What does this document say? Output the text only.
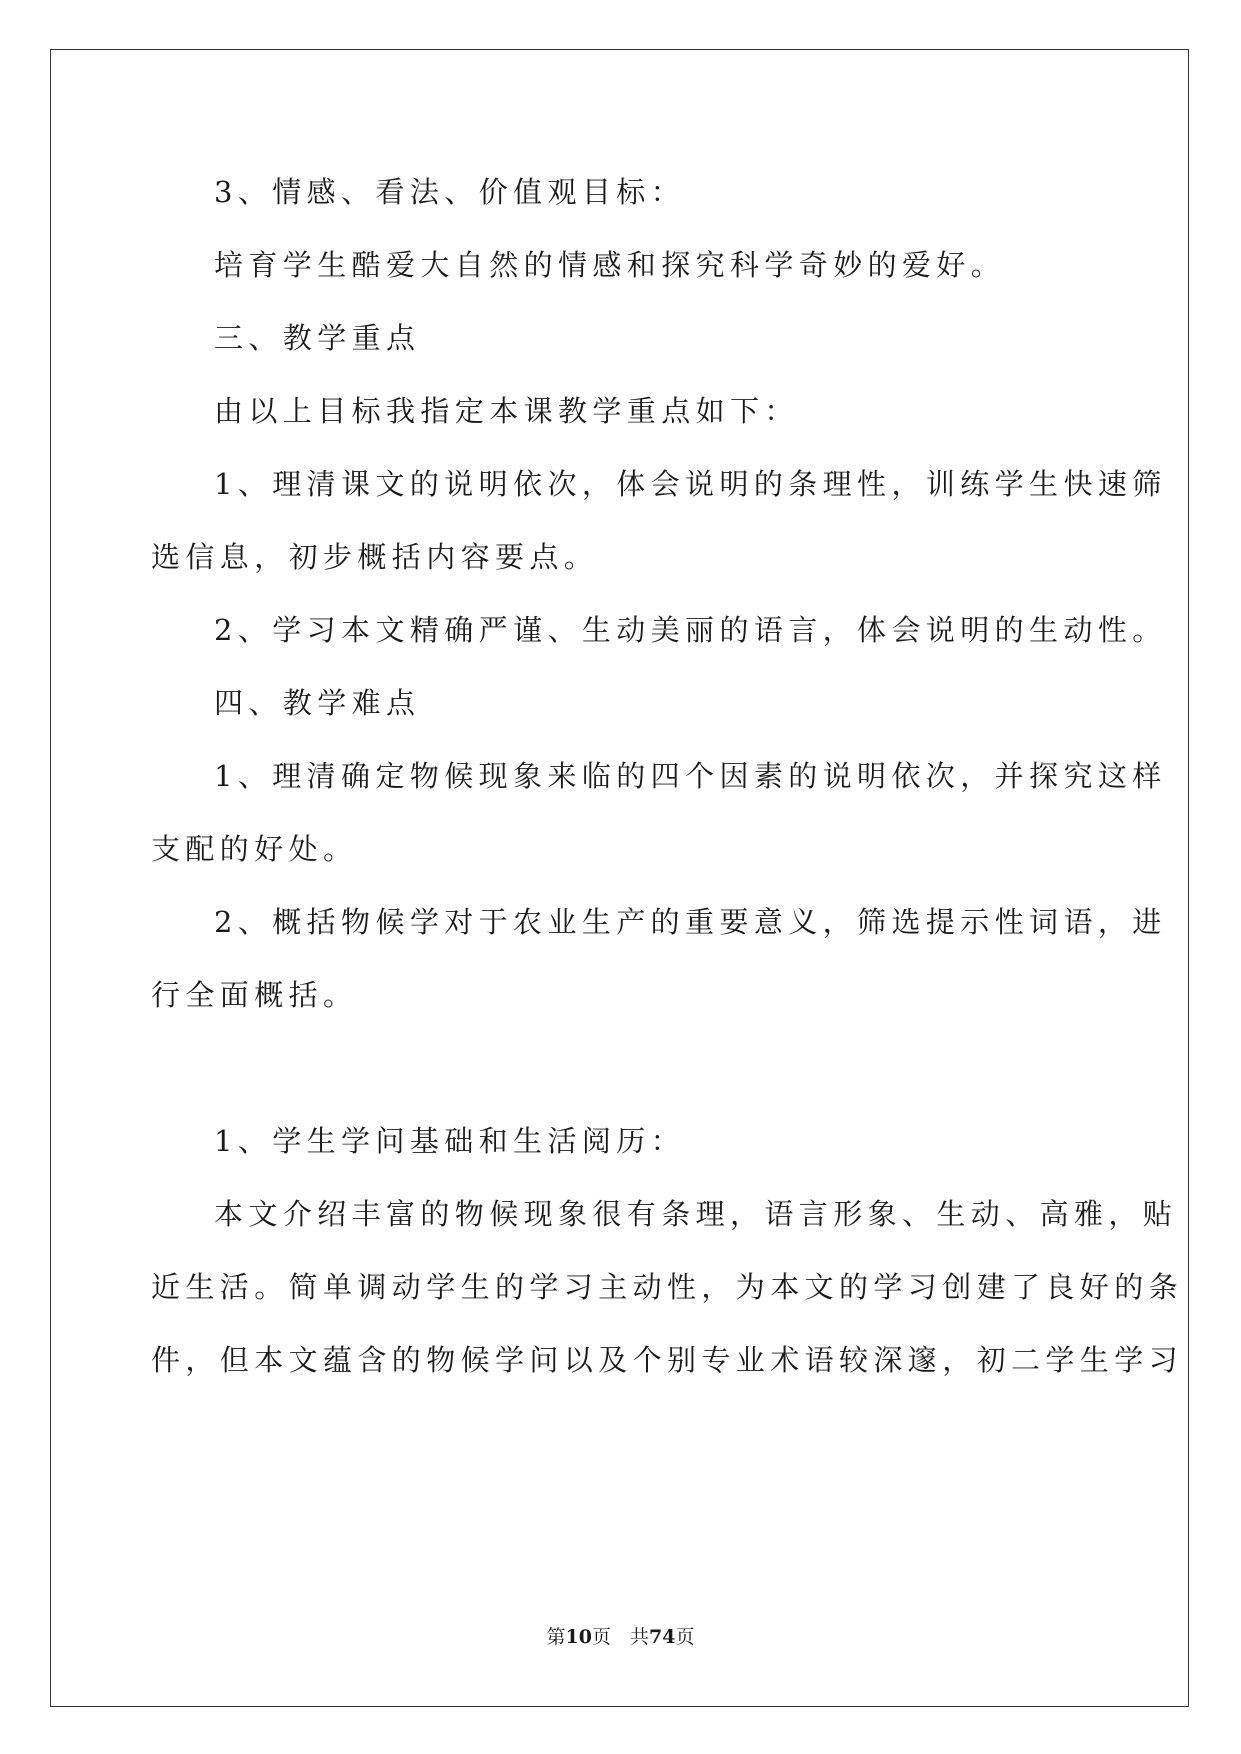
3、情感、看法、价值观目标：
培育学生酷爱大自然的情感和探究科学奇妙的爱好。
三、教学重点
由以上目标我指定本课教学重点如下：
1、理清课文的说明依次，体会说明的条理性，训练学生快速筛
选信息，初步概括内容要点。
2、学习本文精确严谨、生动美丽的语言，体会说明的生动性。
四、教学难点
1、理清确定物候现象来临的四个因素的说明依次，并探究这样
支配的好处。
2、概括物候学对于农业生产的重要意义，筛选提示性词语，进
行全面概括。
1、学生学问基础和生活阅历：
本文介绍丰富的物候现象很有条理，语言形象、生动、高雅，贴
近生活。简单调动学生的学习主动性，为本文的学习创建了良好的条
件，但本文蕴含的物候学问以及个别专业术语较深邃，初二学生学习
第10页　共74页
